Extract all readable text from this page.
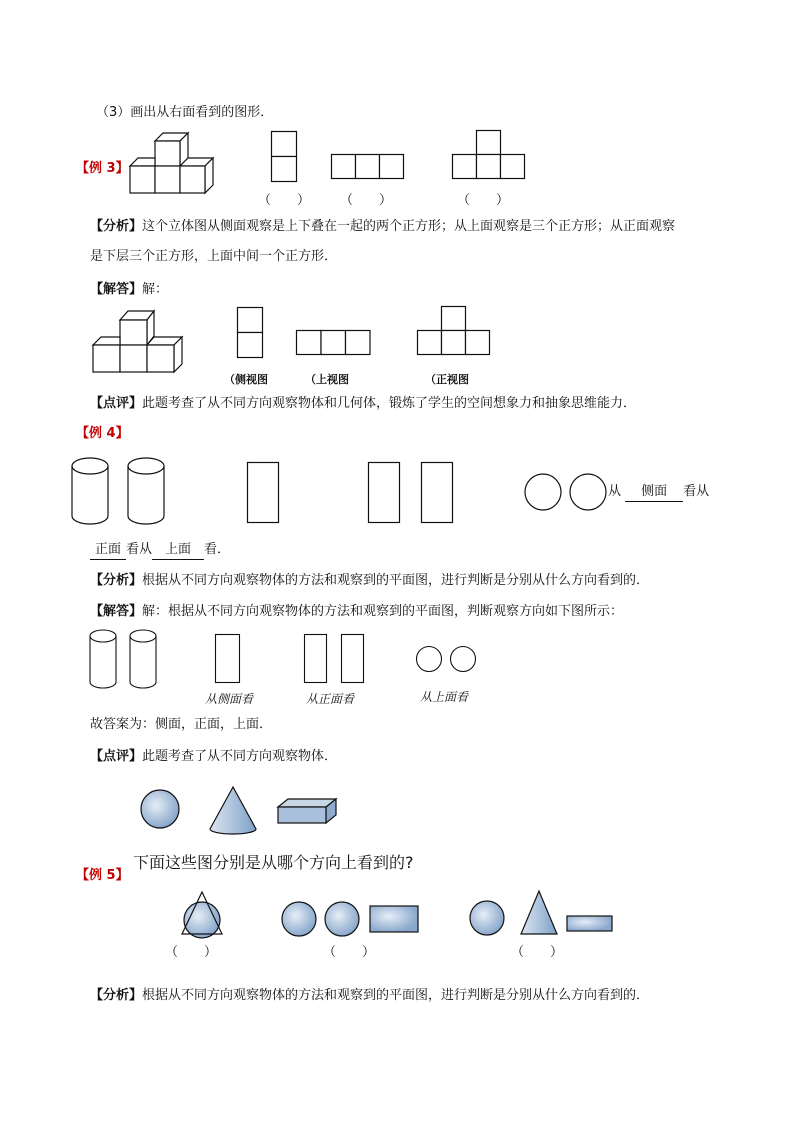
（3）画出从右面看到的图形．
【例 3】
（　　） （　　）	（　　）
【分析】这个立体图从侧面观察是上下叠在一起的两个正方形；从上面观察是三个正方形；从正面观察
是下层三个正方形，上面中间一个正方形．
【解答】解：
（侧视图	（上视图	（正视图
【点评】此题考查了从不同方向观察物体和几何体，锻炼了学生的空间想象力和抽象思维能力．
【例 4】
从 侧面 看从
正面 看从 上面 看．
【分析】根据从不同方向观察物体的方法和观察到的平面图，进行判断是分别从什么方向看到的．
【解答】解：根据从不同方向观察物体的方法和观察到的平面图，判断观察方向如下图所示：
从侧面看	从正面看	从上面看
故答案为：侧面，正面，上面．
【点评】此题考查了从不同方向观察物体．
【例 5】
下面这些图分别是从哪个方向上看到的?
（　　）	（　　）	（　　）
【分析】根据从不同方向观察物体的方法和观察到的平面图，进行判断是分别从什么方向看到的．
